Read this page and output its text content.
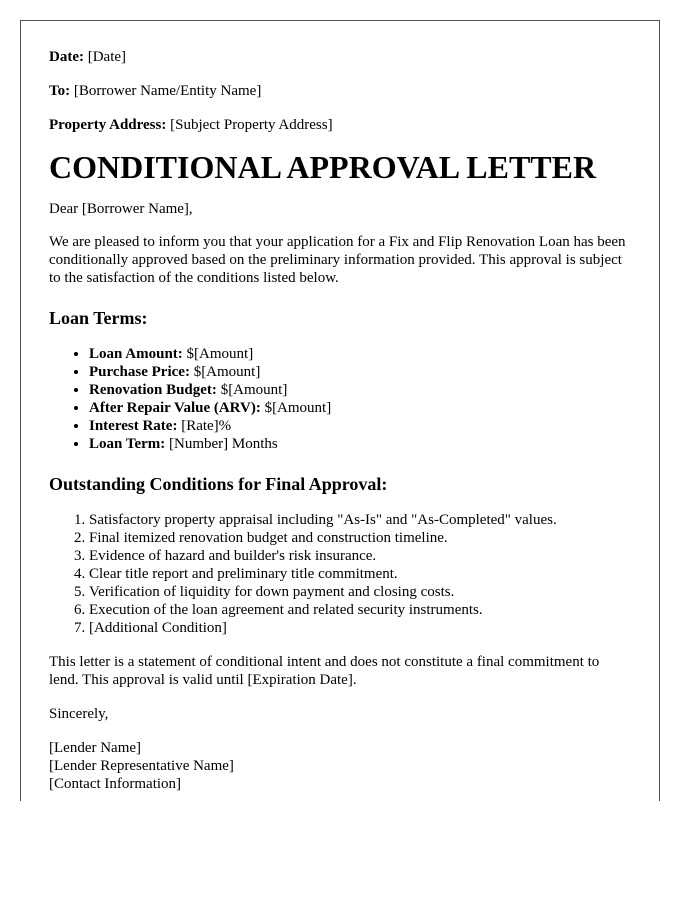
Date: [Date]

To: [Borrower Name/Entity Name]

Property Address: [Subject Property Address]

CONDITIONAL APPROVAL LETTER

Dear [Borrower Name],

We are pleased to inform you that your application for a Fix and Flip Renovation Loan has been conditionally approved based on the preliminary information provided. This approval is subject to the satisfaction of the conditions listed below.

Loan Terms:
• Loan Amount: $[Amount]
• Purchase Price: $[Amount]
• Renovation Budget: $[Amount]
• After Repair Value (ARV): $[Amount]
• Interest Rate: [Rate]%
• Loan Term: [Number] Months
Outstanding Conditions for Final Approval:
1. Satisfactory property appraisal including "As-Is" and "As-Completed" values.
2. Final itemized renovation budget and construction timeline.
3. Evidence of hazard and builder's risk insurance.
4. Clear title report and preliminary title commitment.
5. Verification of liquidity for down payment and closing costs.
6. Execution of the loan agreement and related security instruments.
7. [Additional Condition]

This letter is a statement of conditional intent and does not constitute a final commitment to lend. This approval is valid until [Expiration Date].

Sincerely,

[Lender Name]

[Lender Representative Name]

[Contact Information]
